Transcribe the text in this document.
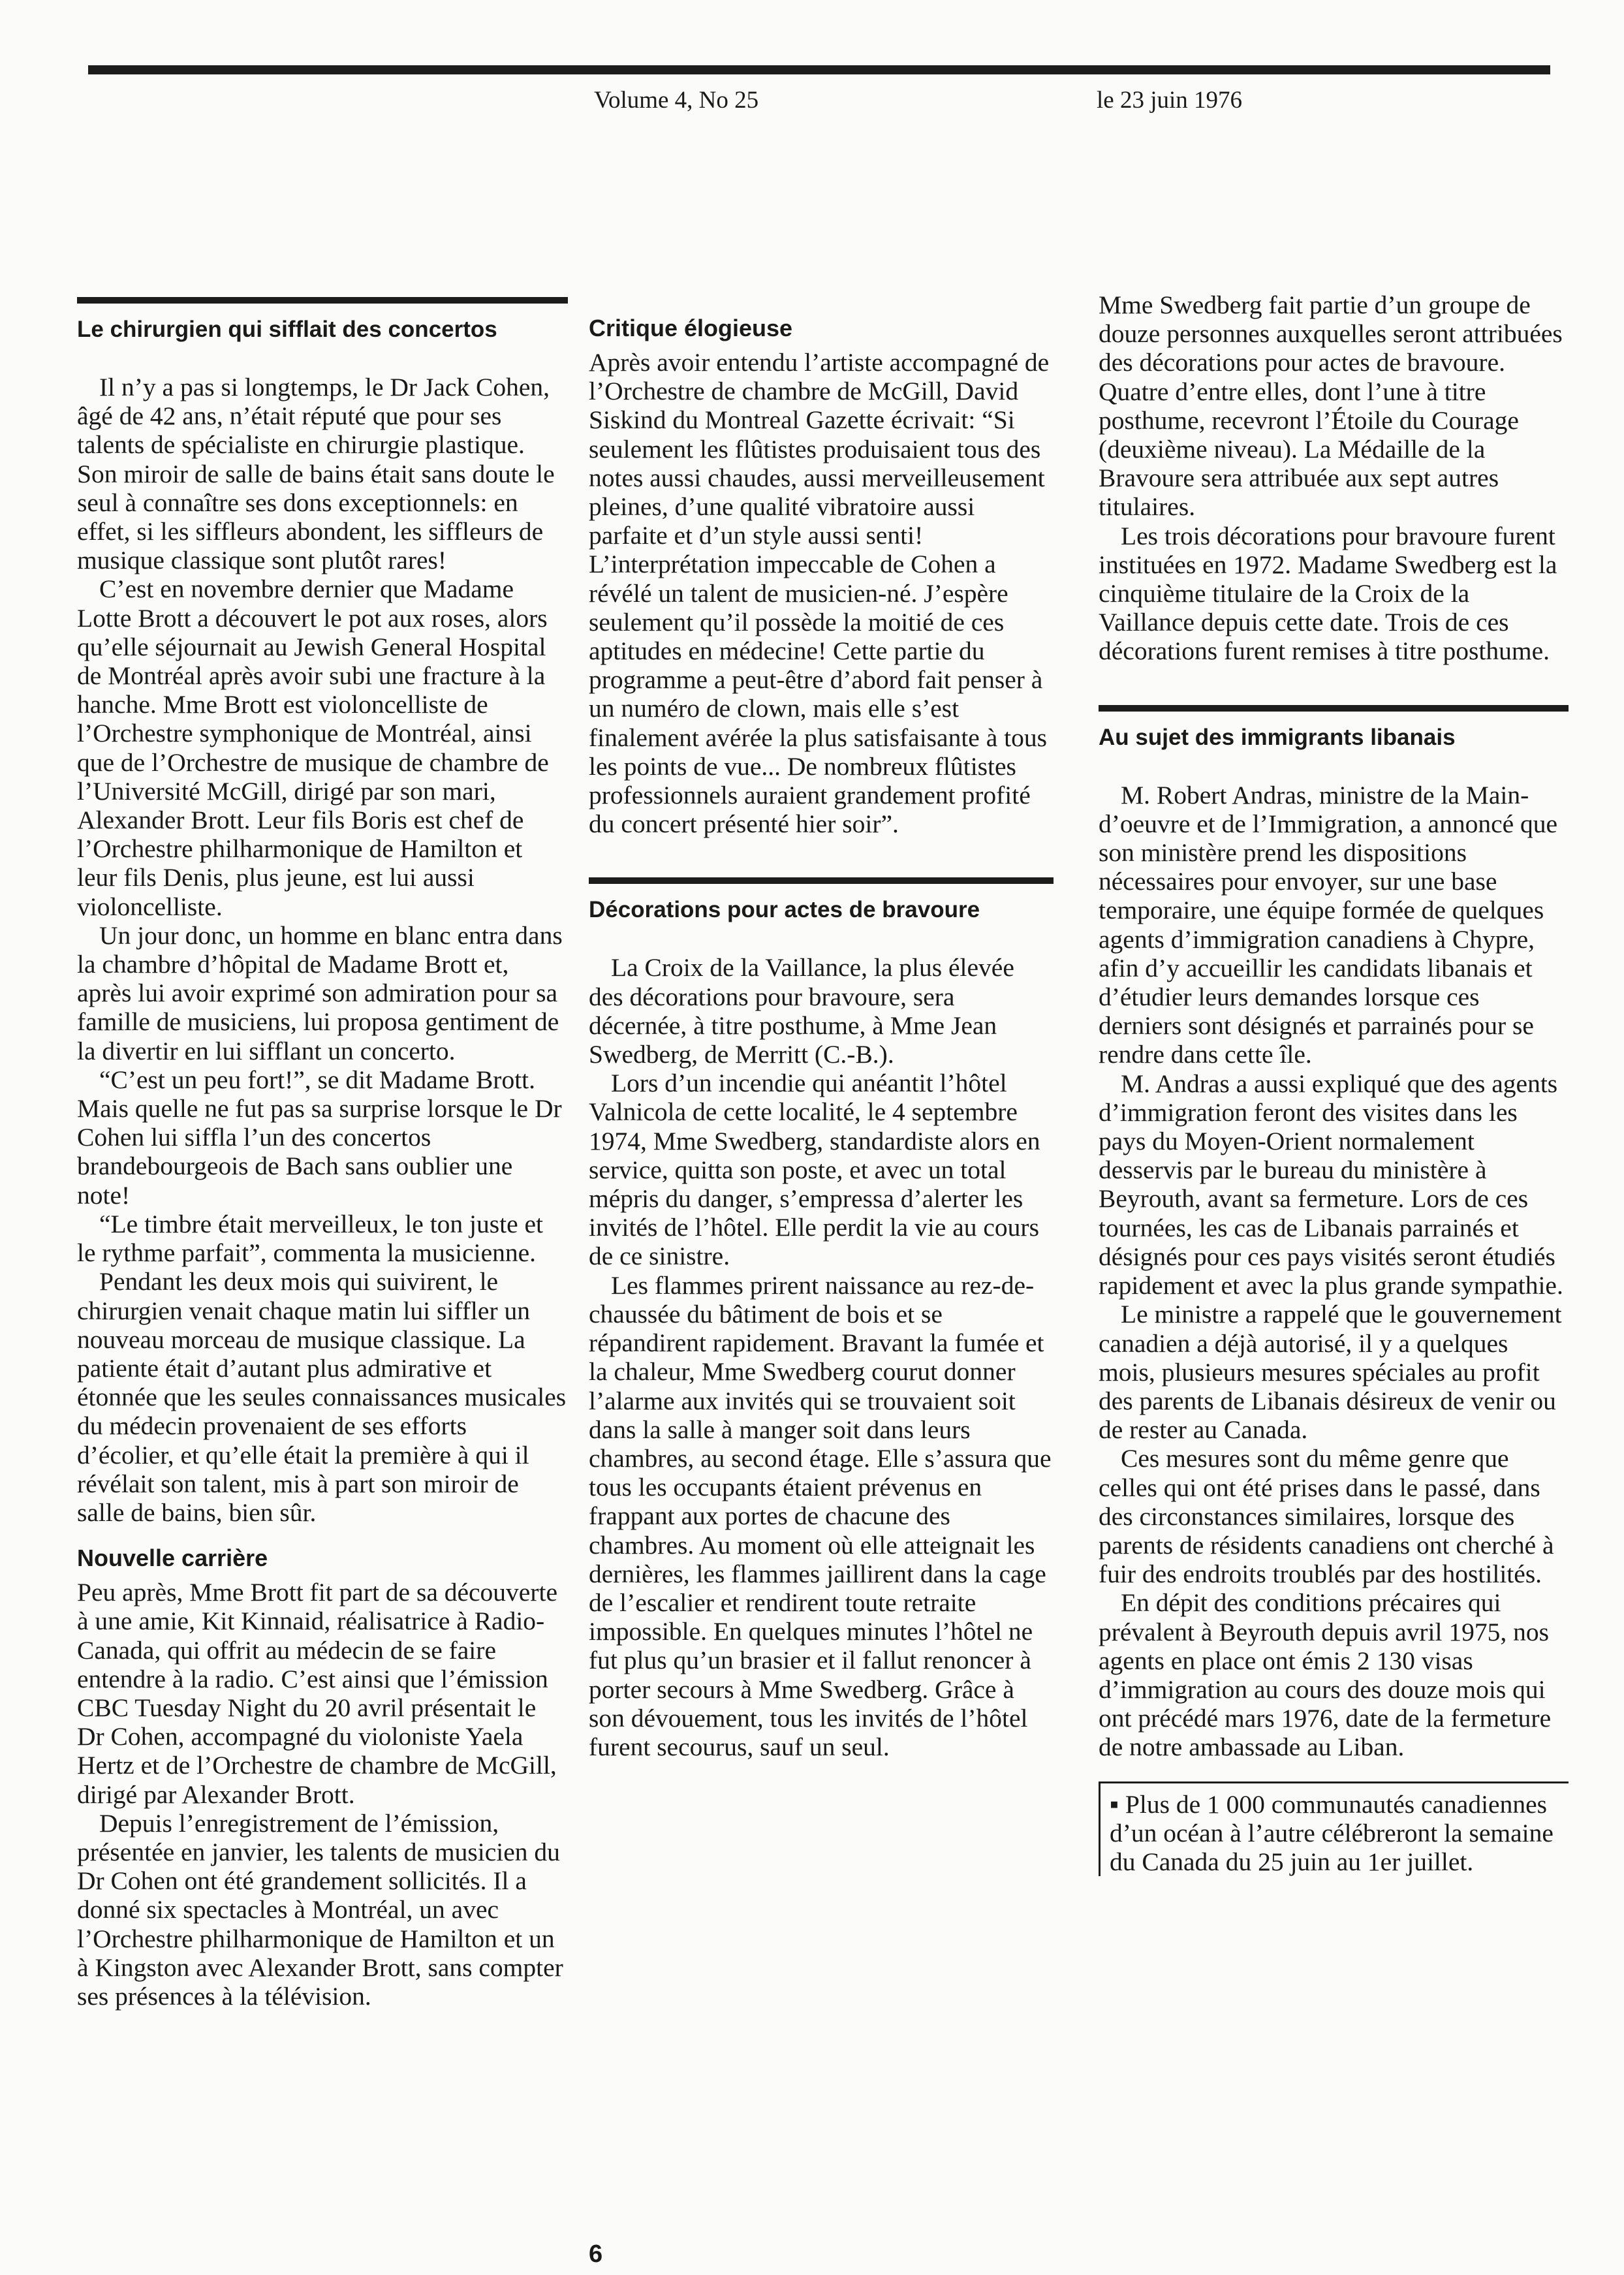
Volume 4, No 25	le 23 juin 1976
Le chirurgien qui sifflait des concertos

Il n’y a pas si longtemps, le Dr Jack Cohen, âgé de 42 ans, n’était réputé que pour ses talents de spécialiste en chirurgie plastique. Son miroir de salle de bains était sans doute le seul à connaître ses dons exceptionnels: en effet, si les siffleurs abondent, les siffleurs de musique classique sont plutôt rares!

C’est en novembre dernier que Madame Lotte Brott a découvert le pot aux roses, alors qu’elle séjournait au Jewish General Hospital de Montréal après avoir subi une fracture à la hanche. Mme Brott est violoncelliste de l’Orchestre symphonique de Montréal, ainsi que de l’Orchestre de musique de chambre de l’Université McGill, dirigé par son mari, Alexander Brott. Leur fils Boris est chef de l’Orchestre philharmonique de Hamilton et leur fils Denis, plus jeune, est lui aussi violoncelliste.

Un jour donc, un homme en blanc entra dans la chambre d’hôpital de Madame Brott et, après lui avoir exprimé son admiration pour sa famille de musiciens, lui proposa gentiment de la divertir en lui sifflant un concerto.

“C’est un peu fort!”, se dit Madame Brott. Mais quelle ne fut pas sa surprise lorsque le Dr Cohen lui siffla l’un des concertos brandebourgeois de Bach sans oublier une note!

“Le timbre était merveilleux, le ton juste et le rythme parfait”, commenta la musicienne.

Pendant les deux mois qui suivirent, le chirurgien venait chaque matin lui siffler un nouveau morceau de musique classique. La patiente était d’autant plus admirative et étonnée que les seules connaissances musicales du médecin provenaient de ses efforts d’écolier, et qu’elle était la première à qui il révélait son talent, mis à part son miroir de salle de bains, bien sûr.

Nouvelle carrière

Peu après, Mme Brott fit part de sa découverte à une amie, Kit Kinnaid, réalisatrice à Radio-Canada, qui offrit au médecin de se faire entendre à la radio. C’est ainsi que l’émission CBC Tuesday Night du 20 avril présentait le Dr Cohen, accompagné du violoniste Yaela Hertz et de l’Orchestre de chambre de McGill, dirigé par Alexander Brott.

Depuis l’enregistrement de l’émission, présentée en janvier, les talents de musicien du Dr Cohen ont été grandement sollicités. Il a donné six spectacles à Montréal, un avec l’Orchestre philharmonique de Hamilton et un à Kingston avec Alexander Brott, sans compter ses présences à la télévision.

Critique élogieuse

Après avoir entendu l’artiste accompagné de l’Orchestre de chambre de McGill, David Siskind du Montreal Gazette écrivait: “Si seulement les flûtistes produisaient tous des notes aussi chaudes, aussi merveilleusement pleines, d’une qualité vibratoire aussi parfaite et d’un style aussi senti! L’interprétation impeccable de Cohen a révélé un talent de musicien-né. J’espère seulement qu’il possède la moitié de ces aptitudes en médecine! Cette partie du programme a peut-être d’abord fait penser à un numéro de clown, mais elle s’est finalement avérée la plus satisfaisante à tous les points de vue... De nombreux flûtistes professionnels auraient grandement profité du concert présenté hier soir”.

Décorations pour actes de bravoure

La Croix de la Vaillance, la plus élevée des décorations pour bravoure, sera décernée, à titre posthume, à Mme Jean Swedberg, de Merritt (C.-B.).

Lors d’un incendie qui anéantit l’hôtel Valnicola de cette localité, le 4 septembre 1974, Mme Swedberg, standardiste alors en service, quitta son poste, et avec un total mépris du danger, s’empressa d’alerter les invités de l’hôtel. Elle perdit la vie au cours de ce sinistre.

Les flammes prirent naissance au rez-de-chaussée du bâtiment de bois et se répandirent rapidement. Bravant la fumée et la chaleur, Mme Swedberg courut donner l’alarme aux invités qui se trouvaient soit dans la salle à manger soit dans leurs chambres, au second étage. Elle s’assura que tous les occupants étaient prévenus en frappant aux portes de chacune des chambres. Au moment où elle atteignait les dernières, les flammes jaillirent dans la cage de l’escalier et rendirent toute retraite impossible. En quelques minutes l’hôtel ne fut plus qu’un brasier et il fallut renoncer à porter secours à Mme Swedberg. Grâce à son dévouement, tous les invités de l’hôtel furent secourus, sauf un seul.

Mme Swedberg fait partie d’un groupe de douze personnes auxquelles seront attribuées des décorations pour actes de bravoure. Quatre d’entre elles, dont l’une à titre posthume, recevront l’Étoile du Courage (deuxième niveau). La Médaille de la Bravoure sera attribuée aux sept autres titulaires.

Les trois décorations pour bravoure furent instituées en 1972. Madame Swedberg est la cinquième titulaire de la Croix de la Vaillance depuis cette date. Trois de ces décorations furent remises à titre posthume.

Au sujet des immigrants libanais

M. Robert Andras, ministre de la Main-d’oeuvre et de l’Immigration, a annoncé que son ministère prend les dispositions nécessaires pour envoyer, sur une base temporaire, une équipe formée de quelques agents d’immigration canadiens à Chypre, afin d’y accueillir les candidats libanais et d’étudier leurs demandes lorsque ces derniers sont désignés et parrainés pour se rendre dans cette île.

M. Andras a aussi expliqué que des agents d’immigration feront des visites dans les pays du Moyen-Orient normalement desservis par le bureau du ministère à Beyrouth, avant sa fermeture. Lors de ces tournées, les cas de Libanais parrainés et désignés pour ces pays visités seront étudiés rapidement et avec la plus grande sympathie.

Le ministre a rappelé que le gouvernement canadien a déjà autorisé, il y a quelques mois, plusieurs mesures spéciales au profit des parents de Libanais désireux de venir ou de rester au Canada.

Ces mesures sont du même genre que celles qui ont été prises dans le passé, dans des circonstances similaires, lorsque des parents de résidents canadiens ont cherché à fuir des endroits troublés par des hostilités.

En dépit des conditions précaires qui prévalent à Beyrouth depuis avril 1975, nos agents en place ont émis 2 130 visas d’immigration au cours des douze mois qui ont précédé mars 1976, date de la fermeture de notre ambassade au Liban.

▪ Plus de 1 000 communautés canadiennes d’un océan à l’autre célébreront la semaine du Canada du 25 juin au 1er juillet.

6
